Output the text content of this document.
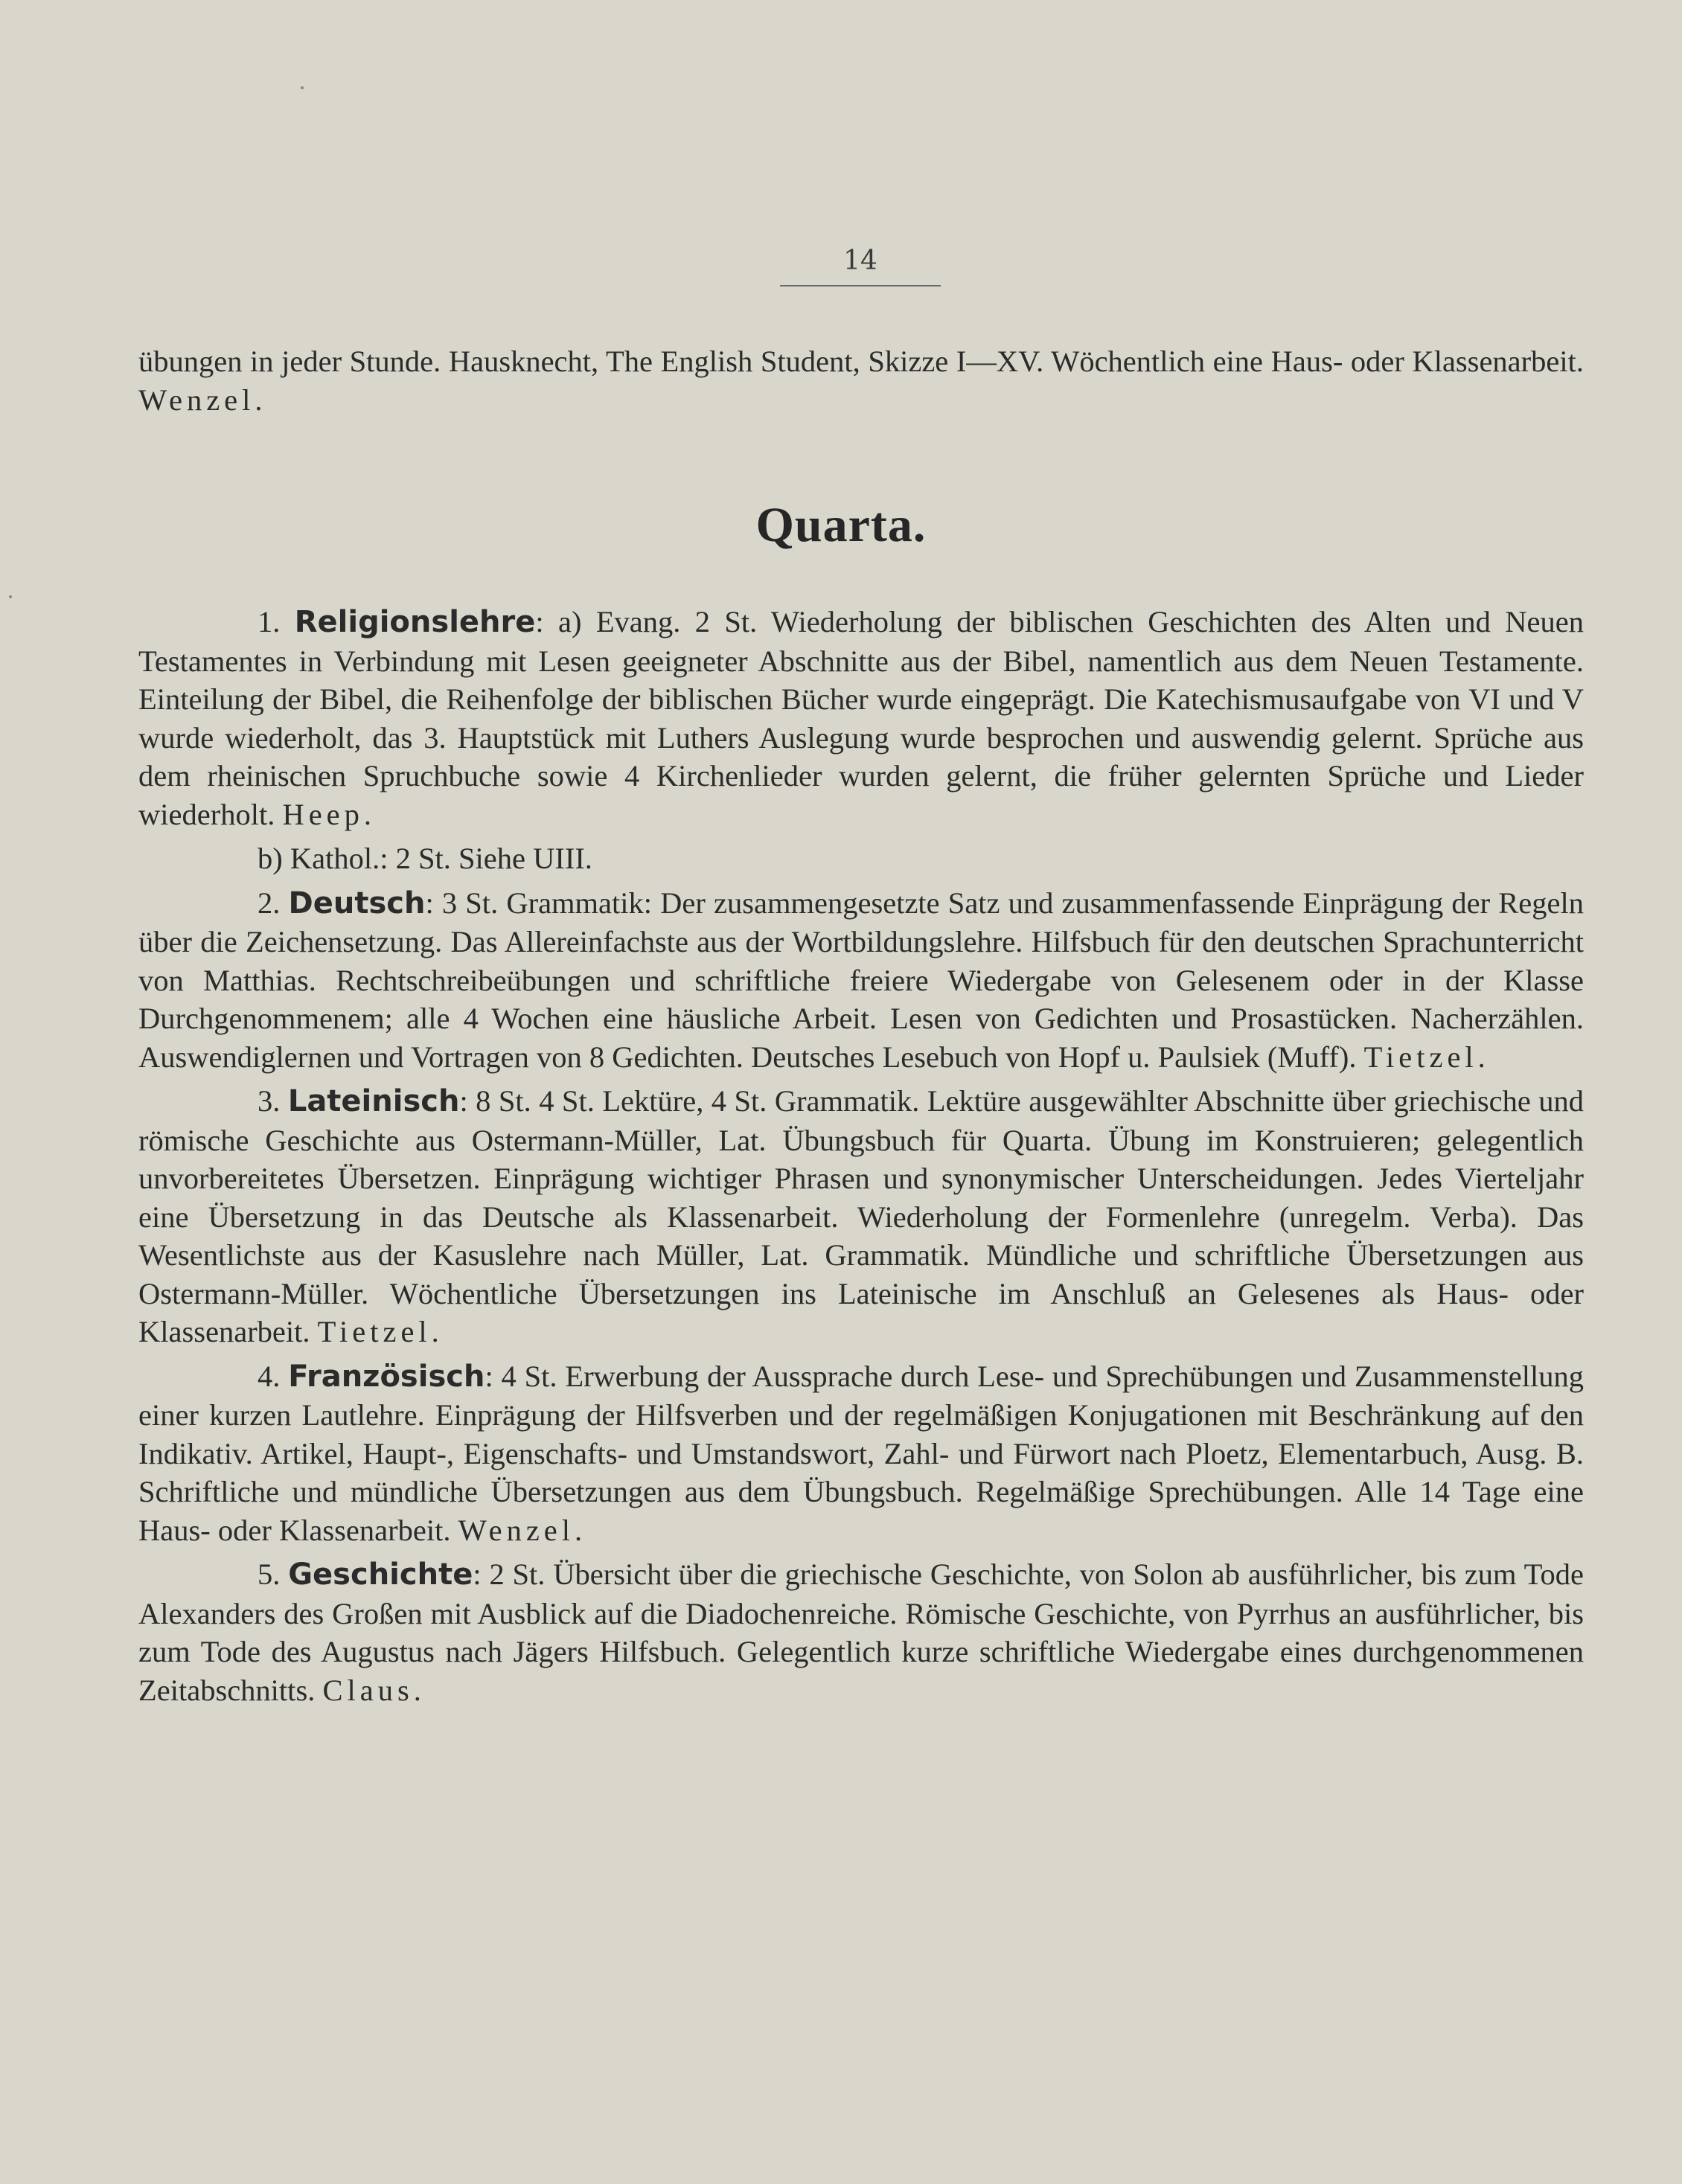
14
übungen in jeder Stunde. Hausknecht, The English Student, Skizze I—XV. Wöchentlich eine Haus- oder Klassenarbeit. Wenzel.
Quarta.

1. Religionslehre: a) Evang. 2 St. Wiederholung der biblischen Geschichten des Alten und Neuen Testamentes in Verbindung mit Lesen geeigneter Abschnitte aus der Bibel, namentlich aus dem Neuen Testamente. Einteilung der Bibel, die Reihenfolge der biblischen Bücher wurde eingeprägt. Die Katechismusaufgabe von VI und V wurde wiederholt, das 3. Hauptstück mit Luthers Auslegung wurde besprochen und auswendig gelernt. Sprüche aus dem rheinischen Spruchbuche sowie 4 Kirchenlieder wurden gelernt, die früher gelernten Sprüche und Lieder wiederholt. Heep.

b) Kathol.: 2 St. Siehe UIII.

2. Deutsch: 3 St. Grammatik: Der zusammengesetzte Satz und zusammenfassende Einprägung der Regeln über die Zeichensetzung. Das Allereinfachste aus der Wortbildungslehre. Hilfsbuch für den deutschen Sprachunterricht von Matthias. Rechtschreibeübungen und schriftliche freiere Wiedergabe von Gelesenem oder in der Klasse Durchgenommenem; alle 4 Wochen eine häusliche Arbeit. Lesen von Gedichten und Prosastücken. Nacherzählen. Auswendiglernen und Vortragen von 8 Gedichten. Deutsches Lesebuch von Hopf u. Paulsiek (Muff). Tietzel.

3. Lateinisch: 8 St. 4 St. Lektüre, 4 St. Grammatik. Lektüre ausgewählter Abschnitte über griechische und römische Geschichte aus Ostermann-Müller, Lat. Übungsbuch für Quarta. Übung im Konstruieren; gelegentlich unvorbereitetes Übersetzen. Einprägung wichtiger Phrasen und synonymischer Unterscheidungen. Jedes Vierteljahr eine Übersetzung in das Deutsche als Klassenarbeit. Wiederholung der Formenlehre (unregelm. Verba). Das Wesentlichste aus der Kasuslehre nach Müller, Lat. Grammatik. Mündliche und schriftliche Übersetzungen aus Ostermann-Müller. Wöchentliche Übersetzungen ins Lateinische im Anschluß an Gelesenes als Haus- oder Klassenarbeit. Tietzel.

4. Französisch: 4 St. Erwerbung der Aussprache durch Lese- und Sprechübungen und Zusammenstellung einer kurzen Lautlehre. Einprägung der Hilfsverben und der regelmäßigen Konjugationen mit Beschränkung auf den Indikativ. Artikel, Haupt-, Eigenschafts- und Umstandswort, Zahl- und Fürwort nach Ploetz, Elementarbuch, Ausg. B. Schriftliche und mündliche Übersetzungen aus dem Übungsbuch. Regelmäßige Sprechübungen. Alle 14 Tage eine Haus- oder Klassenarbeit. Wenzel.

5. Geschichte: 2 St. Übersicht über die griechische Geschichte, von Solon ab ausführlicher, bis zum Tode Alexanders des Großen mit Ausblick auf die Diadochenreiche. Römische Geschichte, von Pyrrhus an ausführlicher, bis zum Tode des Augustus nach Jägers Hilfsbuch. Gelegentlich kurze schriftliche Wiedergabe eines durchgenommenen Zeitabschnitts. Claus.
